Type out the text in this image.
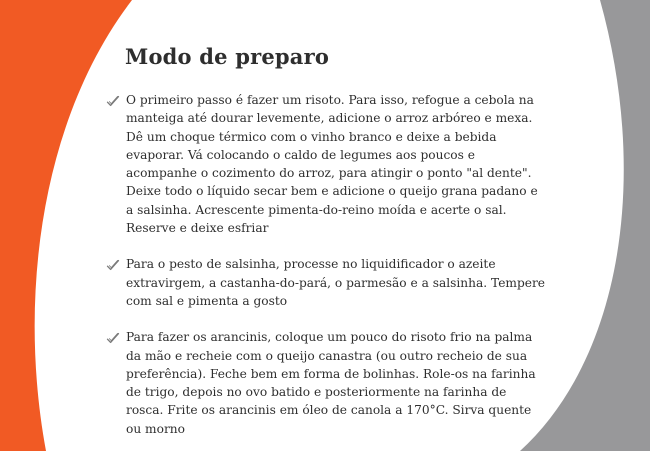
Modo de preparo
O primeiro passo é fazer um risoto. Para isso, refogue a cebola na manteiga até dourar levemente, adicione o arroz arbóreo e mexa. Dê um choque térmico com o vinho branco e deixe a bebida evaporar. Vá colocando o caldo de legumes aos poucos e acompanhe o cozimento do arroz, para atingir o ponto "al dente". Deixe todo o líquido secar bem e adicione o queijo grana padano e a salsinha. Acrescente pimenta-do-reino moída e acerte o sal. Reserve e deixe esfriar
Para o pesto de salsinha, processe no liquidificador o azeite extravirgem, a castanha-do-pará, o parmesão e a salsinha. Tempere com sal e pimenta a gosto
Para fazer os arancinis, coloque um pouco do risoto frio na palma da mão e recheie com o queijo canastra (ou outro recheio de sua preferência). Feche bem em forma de bolinhas. Role-os na farinha de trigo, depois no ovo batido e posteriormente na farinha de rosca. Frite os arancinis em óleo de canola a 170°C. Sirva quente ou morno
